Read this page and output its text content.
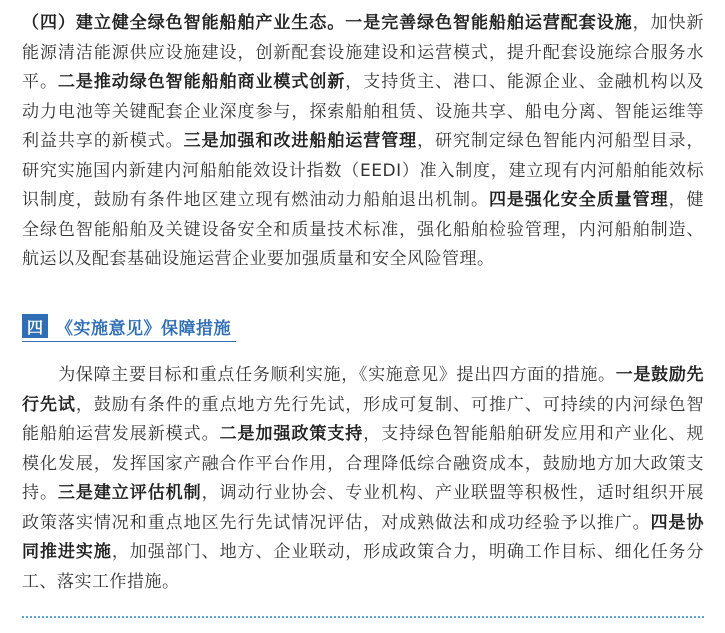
（四）建立健全绿色智能船舶产业生态。一是完善绿色智能船舶运营配套设施，加快新能源清洁能源供应设施建设，创新配套设施建设和运营模式，提升配套设施综合服务水平。二是推动绿色智能船舶商业模式创新，支持货主、港口、能源企业、金融机构以及动力电池等关键配套企业深度参与，探索船舶租赁、设施共享、船电分离、智能运维等利益共享的新模式。三是加强和改进船舶运营管理，研究制定绿色智能内河船型目录，研究实施国内新建内河船舶能效设计指数（EEDI）准入制度，建立现有内河船舶能效标识制度，鼓励有条件地区建立现有燃油动力船舶退出机制。四是强化安全质量管理，健全绿色智能船舶及关键设备安全和质量技术标准，强化船舶检验管理，内河船舶制造、航运以及配套基础设施运营企业要加强质量和安全风险管理。

四 《实施意见》保障措施

为保障主要目标和重点任务顺利实施，《实施意见》提出四方面的措施。一是鼓励先行先试，鼓励有条件的重点地方先行先试，形成可复制、可推广、可持续的内河绿色智能船舶运营发展新模式。二是加强政策支持，支持绿色智能船舶研发应用和产业化、规模化发展，发挥国家产融合作平台作用，合理降低综合融资成本，鼓励地方加大政策支持。三是建立评估机制，调动行业协会、专业机构、产业联盟等积极性，适时组织开展政策落实情况和重点地区先行先试情况评估，对成熟做法和成功经验予以推广。四是协同推进实施，加强部门、地方、企业联动，形成政策合力，明确工作目标、细化任务分工、落实工作措施。
